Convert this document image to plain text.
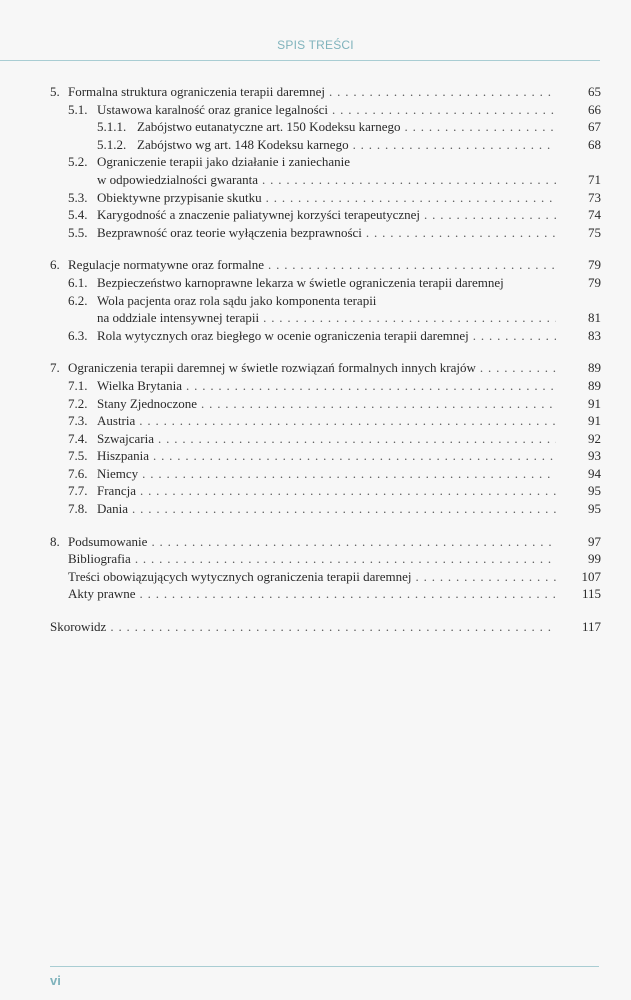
SPIS TREŚCI
5. Formalna struktura ograniczenia terapii daremnej . . .	65
5.1. Ustawowa karalność oraz granice legalności . . .	66
5.1.1. Zabójstwo eutanatyczne art. 150 Kodeksu karnego . . .	67
5.1.2. Zabójstwo wg art. 148 Kodeksu karnego . . .	68
5.2. Ograniczenie terapii jako działanie i zaniechanie
w odpowiedzialności gwaranta . . .	71
5.3. Obiektywne przypisanie skutku . . .	73
5.4. Karygodność a znaczenie paliatywnej korzyści terapeutycznej . . .	74
5.5. Bezprawność oraz teorie wyłączenia bezprawności . . .	75
6. Regulacje normatywne oraz formalne . . .	79
6.1. Bezpieczeństwo karnoprawne lekarza w świetle ograniczenia terapii daremnej	79
6.2. Wola pacjenta oraz rola sądu jako komponenta terapii
na oddziale intensywnej terapii . . .	81
6.3. Rola wytycznych oraz biegłego w ocenie ograniczenia terapii daremnej . . .	83
7. Ograniczenia terapii daremnej w świetle rozwiązań formalnych innych krajów . . .	89
7.1. Wielka Brytania . . .	89
7.2. Stany Zjednoczone . . .	91
7.3. Austria . . .	91
7.4. Szwajcaria . . .	92
7.5. Hiszpania . . .	93
7.6. Niemcy . . .	94
7.7. Francja . . .	95
7.8. Dania . . .	95
8. Podsumowanie . . .	97
Bibliografia . . .	99
Treści obowiązujących wytycznych ograniczenia terapii daremnej . . .	107
Akty prawne . . .	115
Skorowidz . . .	117
vi
